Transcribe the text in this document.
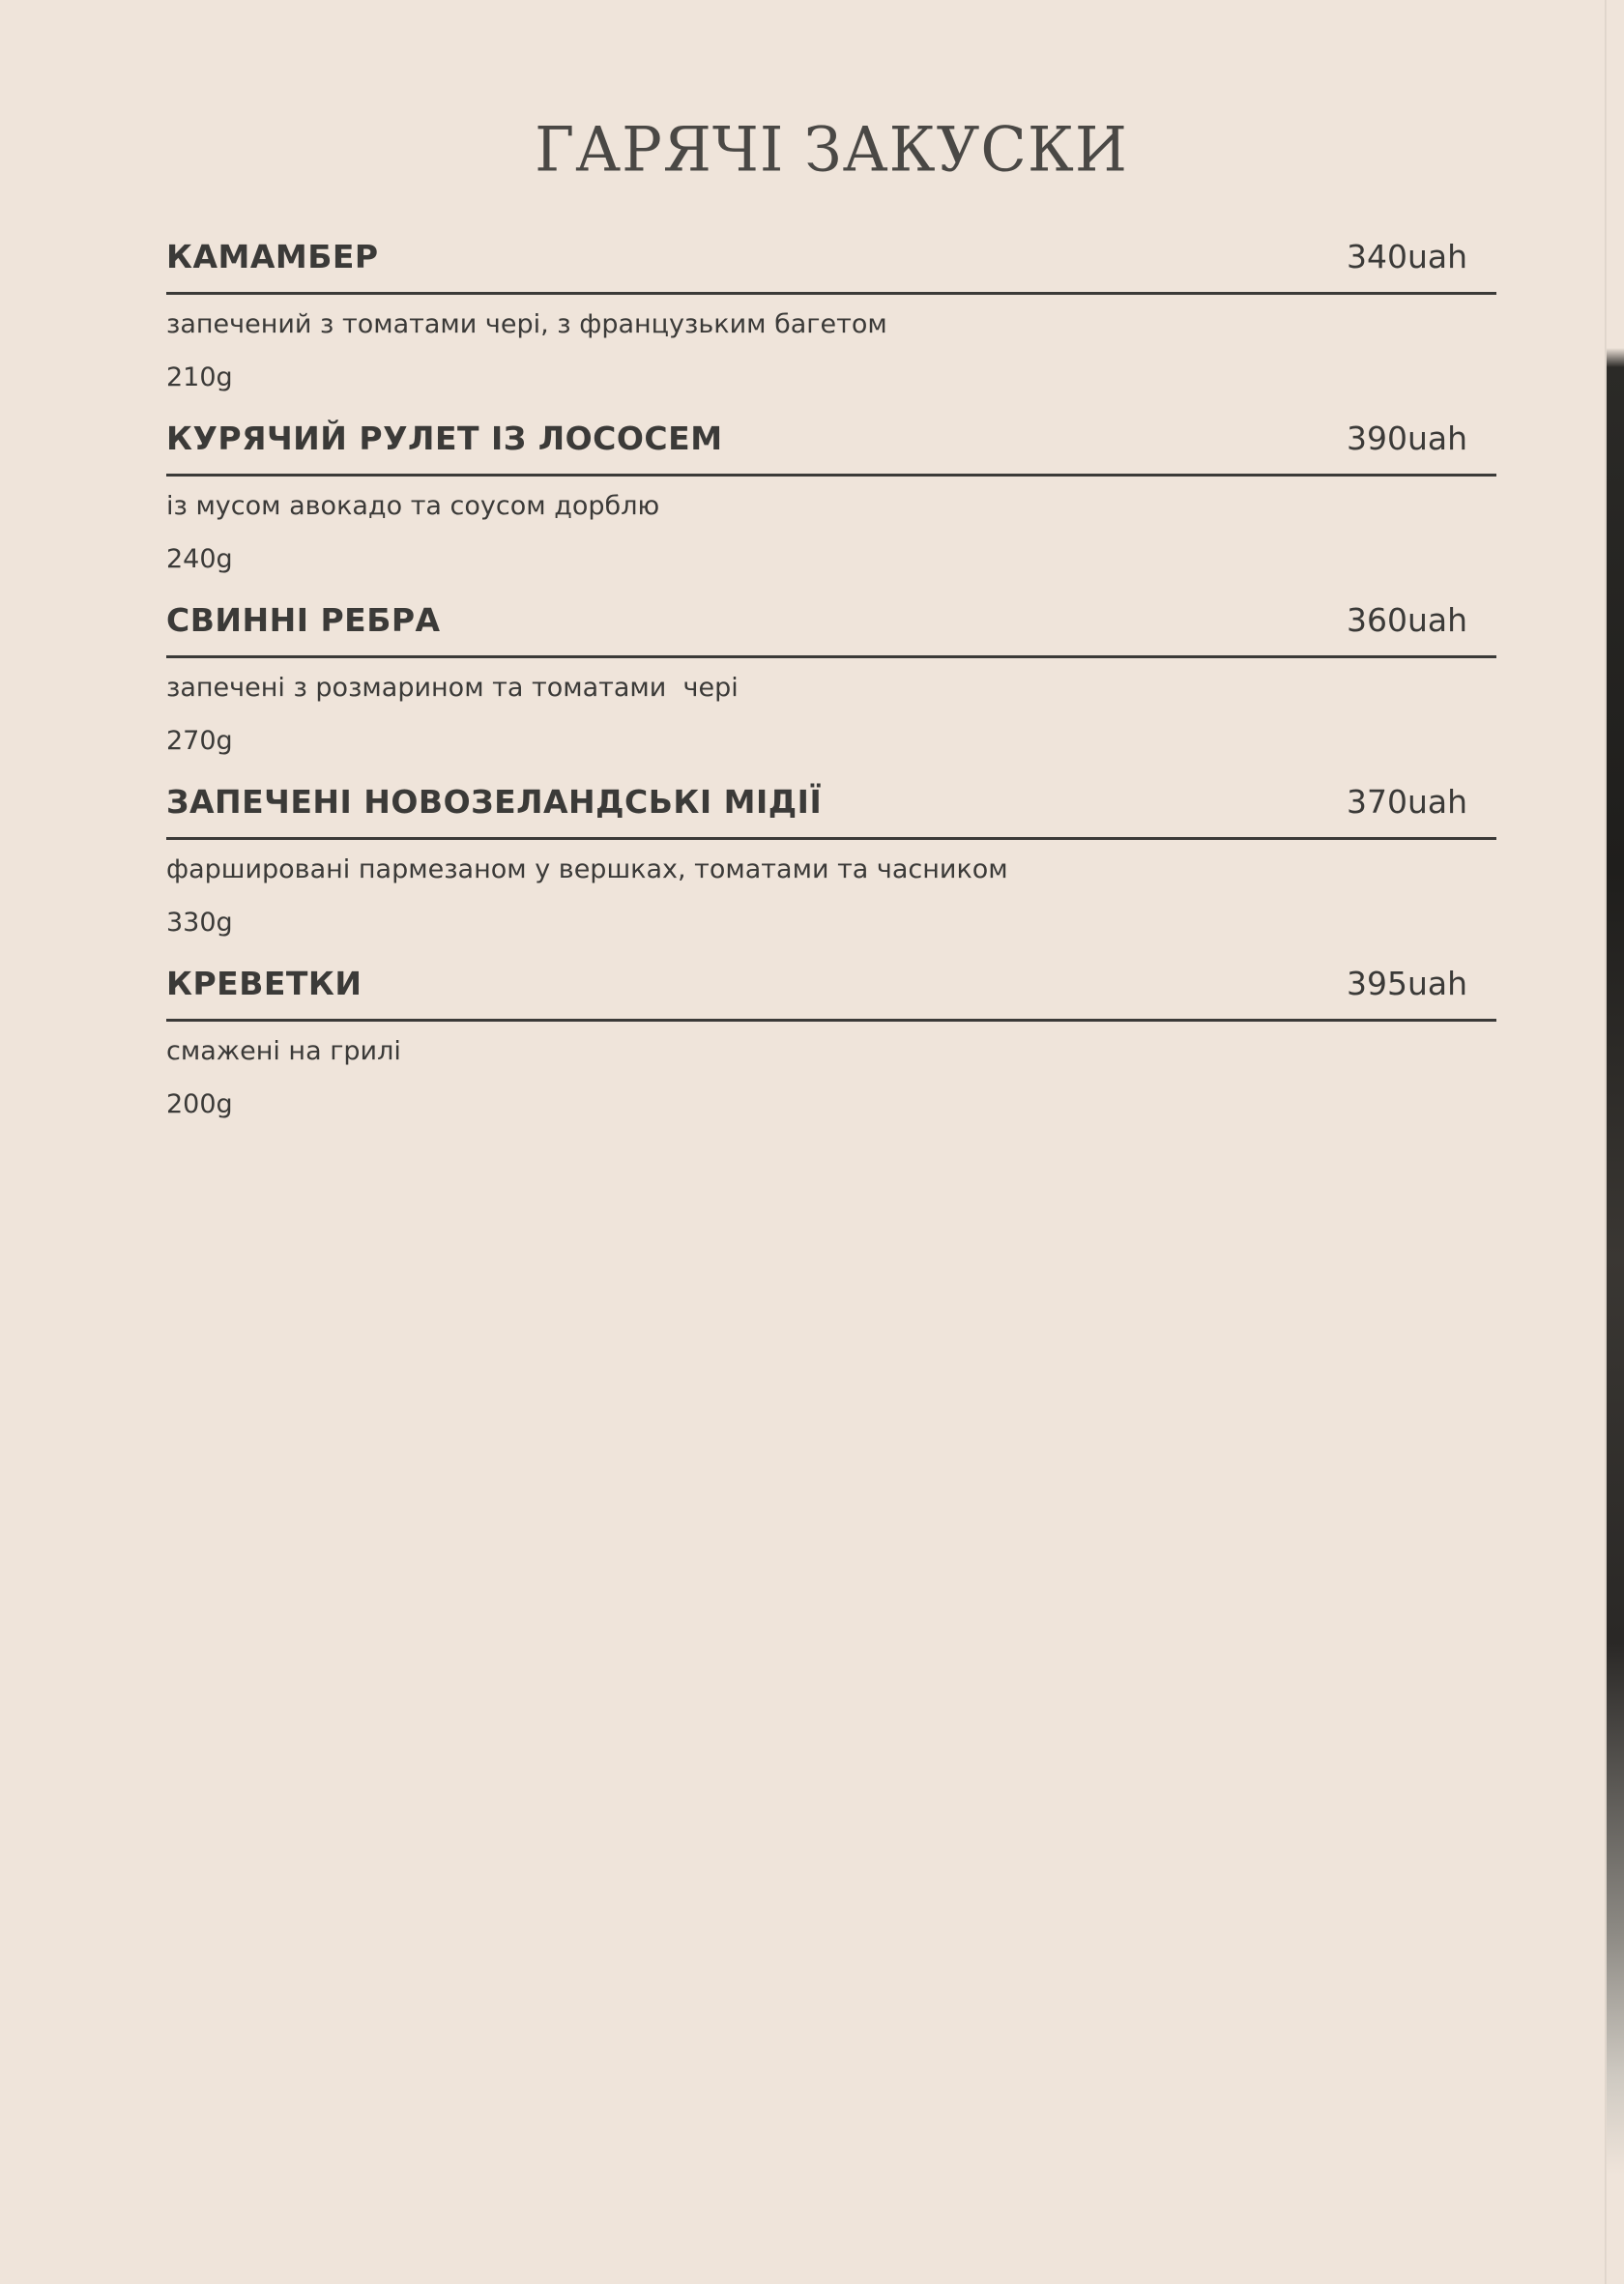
ГАРЯЧІ ЗАКУСКИ
КАМАМБЕР	340uah
запечений з томатами чері, з французьким багетом
210g
КУРЯЧИЙ РУЛЕТ ІЗ ЛОСОСЕМ	390uah
із мусом авокадо та соусом дорблю
240g
СВИННІ РЕБРА	360uah
запечені з розмарином та томатами  чері
270g
ЗАПЕЧЕНІ НОВОЗЕЛАНДСЬКІ МІДІЇ	370uah
фаршировані пармезаном у вершках, томатами та часником
330g
КРЕВЕТКИ	395uah
смажені на грилі
200g
